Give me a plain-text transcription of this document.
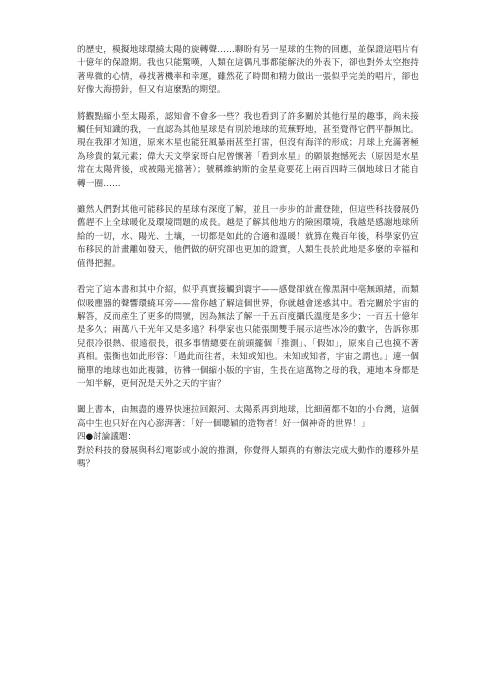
的歷史，模擬地球環繞太陽的旋轉聲……聊盼有另一星球的生物的回應，並保證這唱片有十億年的保證期。我也只能驚嘆，人類在這偶凡事都能解決的外表下，卻也對外太空抱持著卑微的心情，尋找著機率和幸運，雖然花了時間和精力做出一張似乎完美的唱片，卻也好像大海撈針，但又有這麼點的期望。

將觀點縮小至太陽系，認知會不會多一些？我也看到了許多關於其他行星的趣事，尚未接觸任何知識的我，一直認為其他星球是有別於地球的荒蕪野地，甚至覺得它們平靜無比。現在我卻才知道，原來木星也能狂風暴雨甚至打雷，但沒有海洋的形成；月球上充滿著極為珍貴的氣元素；偉大天文學家哥白尼曾懷著「看到水星」的願景抱憾死去（原因是水星常在太陽背後，或被陽光擋著）；號稱維納斯的金星竟要花上兩百四時三個地球日才能自轉一圈……

雖然人們對其他可能移民的星球有深度了解，並且一步步的計畫登陸，但這些科技發展仍舊趕不上全球暖化及環境問題的成長。越是了解其他地方的險困環境，我越是感謝地球所給的一切，水、陽光、土壤，一切都是如此的合適和溫暖！就算在幾百年後，科學家仍宣布移民的計畫離如發天，他們做的研究卻也更加的證實，人類生長於此地是多麼的幸福和值得把握。

看完了這本書和其中介紹，似乎真實接觸到寰宇——感覺卻就在像黑洞中亳無頭緒，而類似吸塵器的聲響環繞耳旁——當你越了解這個世界，你就越會迷惑其中。看完關於宇宙的解答，反而產生了更多的問號，因為無法了解一千五百度攝氏溫度是多少；一百五十億年是多久；兩萬八千光年又是多遠？科學家也只能張開雙手展示這些冰冷的數字，告訴你那兒很冷很熱、很遠很長，很多事情總要在前頭擺個「推測」、「假如」，原來自己也摸不著真相。張衡也如此形容：「過此而往者，未知或知也。未知或知者，宇宙之謂也。」連一個簡單的地球也如此複雜，彷彿一個縮小版的宇宙，生長在這萬物之母的我，連地本身都是一知半解，更何況是天外之天的宇宙？

闔上書本，由無盡的邊界快速拉回銀河、太陽系再到地球，比細菌都不如的小台灣，這個高中生也只好在內心澎湃著：「好一個聰穎的造物者！好一個神奇的世界！」

四●討論議題：

對於科技的發展與科幻電影或小說的推測，你覺得人類真的有辦法完成大動作的遷移外星嗎？
